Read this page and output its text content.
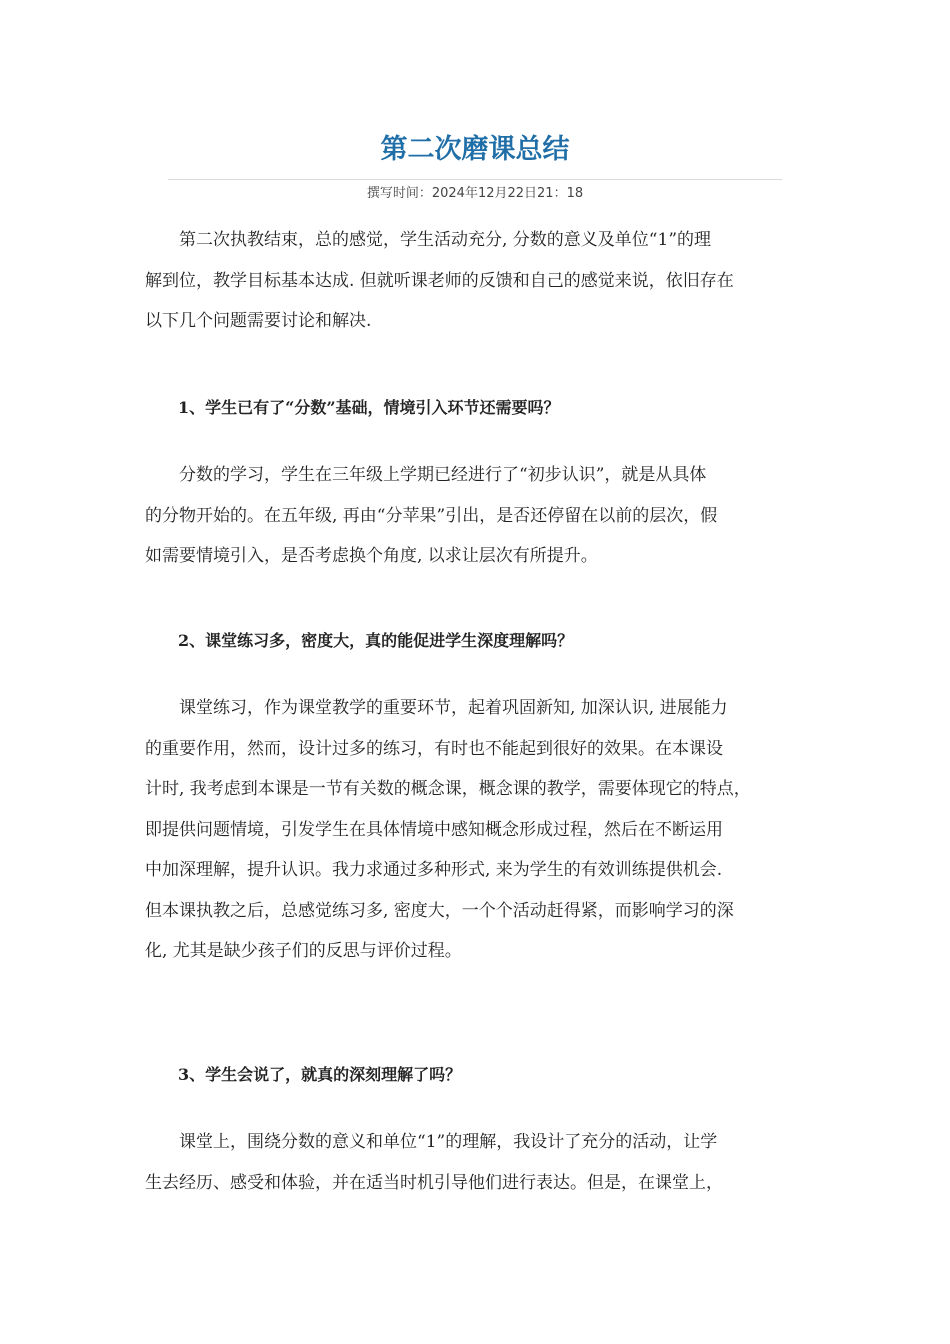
第二次磨课总结
撰写时间：2024年12月22日21：18

第二次执教结束，总的感觉，学生活动充分, 分数的意义及单位“1”的理
解到位，教学目标基本达成. 但就听课老师的反馈和自己的感觉来说，依旧存在
以下几个问题需要讨论和解决.

1、学生已有了“分数”基础，情境引入环节还需要吗？

分数的学习，学生在三年级上学期已经进行了“初步认识”，就是从具体
的分物开始的。在五年级, 再由“分苹果”引出，是否还停留在以前的层次，假
如需要情境引入，是否考虑换个角度, 以求让层次有所提升。

2、课堂练习多，密度大，真的能促进学生深度理解吗？

课堂练习，作为课堂教学的重要环节，起着巩固新知, 加深认识, 进展能力
的重要作用，然而，设计过多的练习，有时也不能起到很好的效果。在本课设
计时, 我考虑到本课是一节有关数的概念课，概念课的教学，需要体现它的特点，
即提供问题情境，引发学生在具体情境中感知概念形成过程，然后在不断运用
中加深理解，提升认识。我力求通过多种形式, 来为学生的有效训练提供机会.
但本课执教之后，总感觉练习多, 密度大，一个个活动赶得紧，而影响学习的深
化, 尤其是缺少孩子们的反思与评价过程。

3、学生会说了，就真的深刻理解了吗？

课堂上，围绕分数的意义和单位“1”的理解，我设计了充分的活动，让学
生去经历、感受和体验，并在适当时机引导他们进行表达。但是，在课堂上，
